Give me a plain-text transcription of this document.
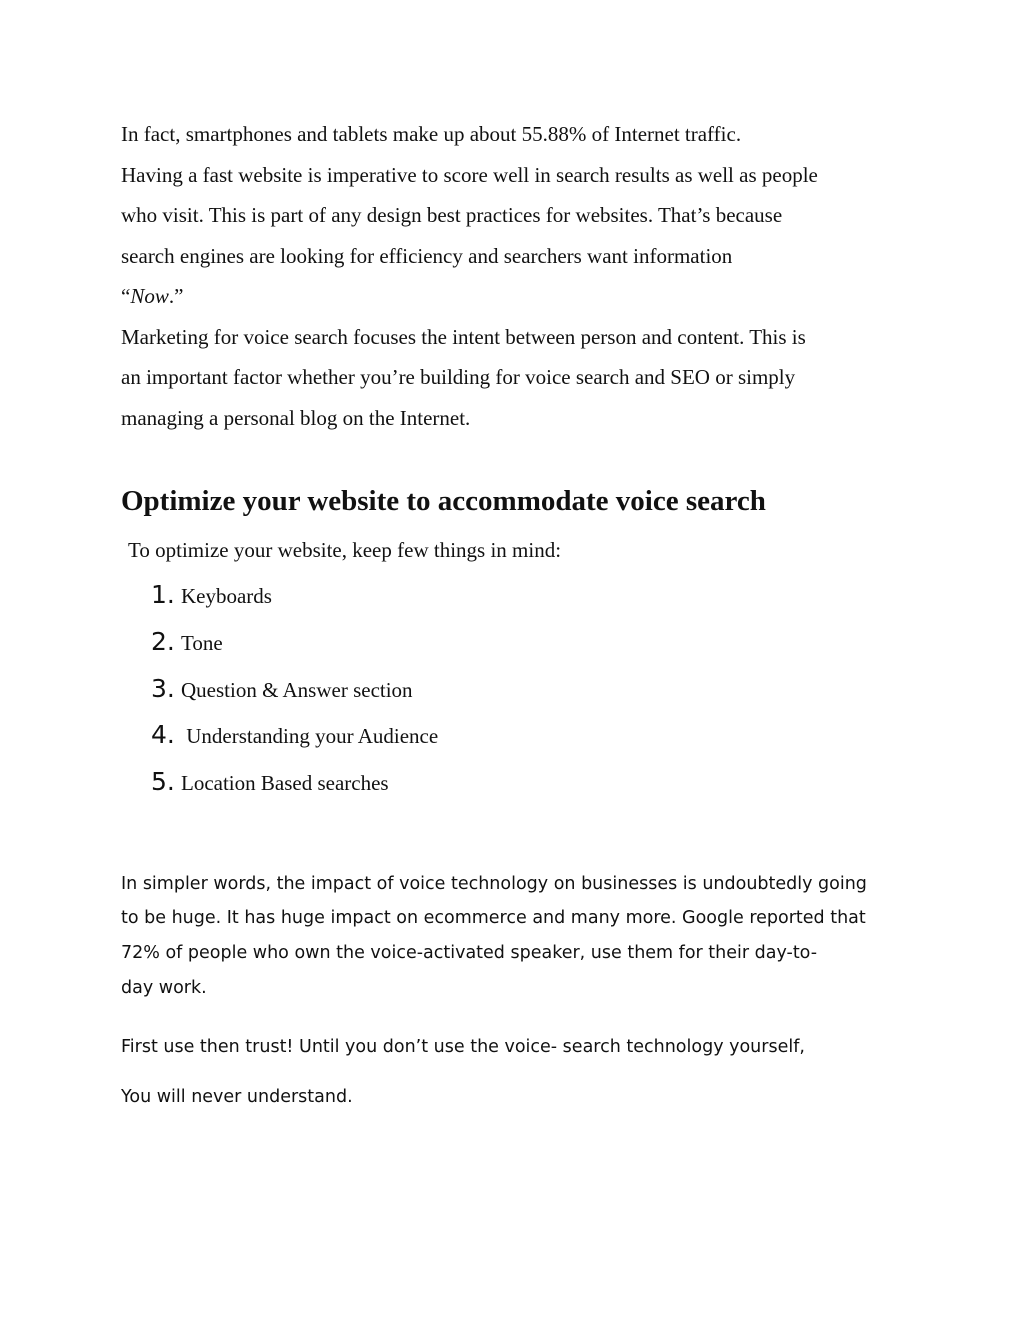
In fact, smartphones and tablets make up about 55.88% of Internet traffic.
Having a fast website is imperative to score well in search results as well as people
who visit. This is part of any design best practices for websites. That’s because
search engines are looking for efficiency and searchers want information
“Now.”
Marketing for voice search focuses the intent between person and content. This is
an important factor whether you’re building for voice search and SEO or simply
managing a personal blog on the Internet.
Optimize your website to accommodate voice search
To optimize your website, keep few things in mind:
1. Keyboards
2. Tone
3. Question & Answer section
4. Understanding your Audience
5. Location Based searches
In simpler words, the impact of voice technology on businesses is undoubtedly going
to be huge. It has huge impact on ecommerce and many more. Google reported that
72% of people who own the voice-activated speaker, use them for their day-to-
day work.
First use then trust! Until you don’t use the voice- search technology yourself,
You will never understand.
